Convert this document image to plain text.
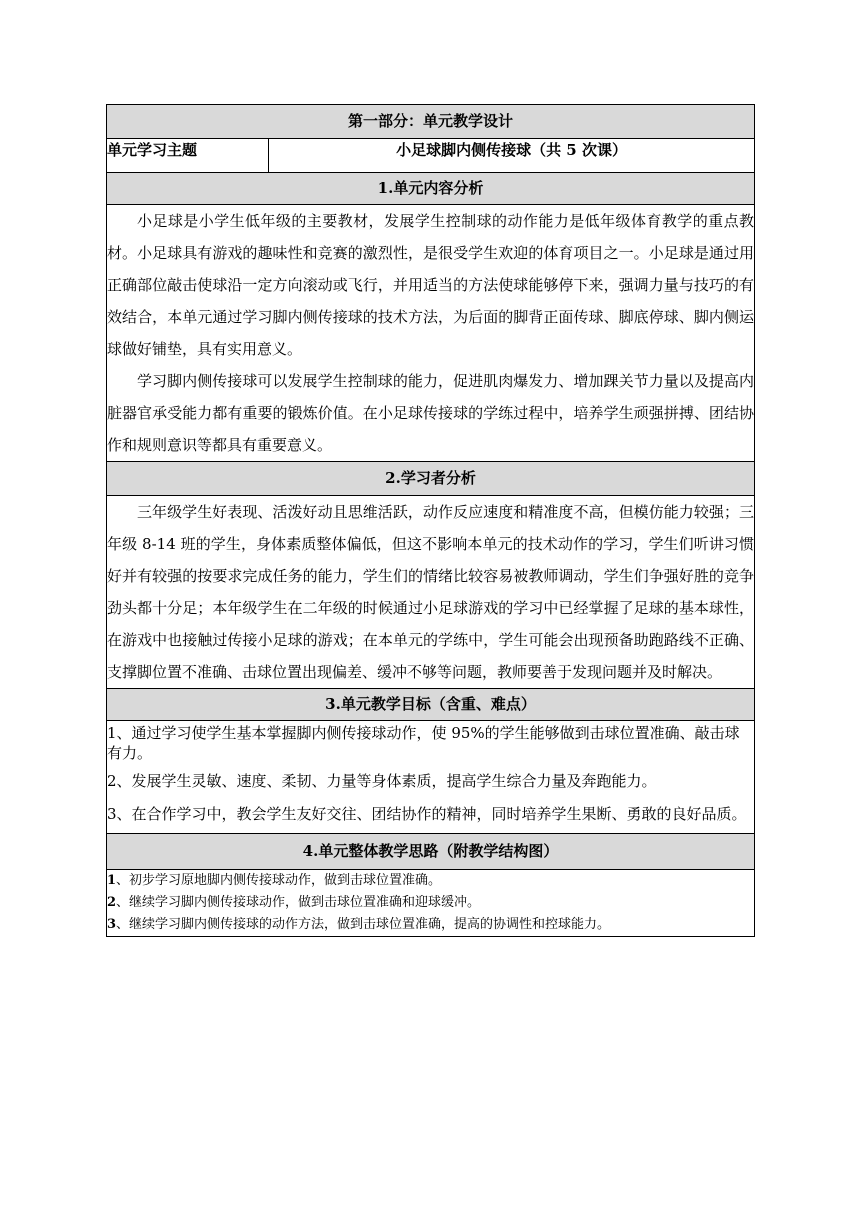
第一部分：单元教学设计
单元学习主题	小足球脚内侧传接球（共 5 次课）
1.单元内容分析

小足球是小学生低年级的主要教材，发展学生控制球的动作能力是低年级体育教学的重点教材。小足球具有游戏的趣味性和竞赛的激烈性，是很受学生欢迎的体育项目之一。小足球是通过用正确部位敲击使球沿一定方向滚动或飞行，并用适当的方法使球能够停下来，强调力量与技巧的有效结合，本单元通过学习脚内侧传接球的技术方法，为后面的脚背正面传球、脚底停球、脚内侧运球做好铺垫，具有实用意义。

学习脚内侧传接球可以发展学生控制球的能力，促进肌肉爆发力、增加踝关节力量以及提高内脏器官承受能力都有重要的锻炼价值。在小足球传接球的学练过程中，培养学生顽强拼搏、团结协作和规则意识等都具有重要意义。

2.学习者分析

三年级学生好表现、活泼好动且思维活跃，动作反应速度和精准度不高，但模仿能力较强；三年级 8-14 班的学生，身体素质整体偏低，但这不影响本单元的技术动作的学习，学生们听讲习惯好并有较强的按要求完成任务的能力，学生们的情绪比较容易被教师调动，学生们争强好胜的竞争劲头都十分足；本年级学生在二年级的时候通过小足球游戏的学习中已经掌握了足球的基本球性，在游戏中也接触过传接小足球的游戏；在本单元的学练中，学生可能会出现预备助跑路线不正确、支撑脚位置不准确、击球位置出现偏差、缓冲不够等问题，教师要善于发现问题并及时解决。

3.单元教学目标（含重、难点）

1、通过学习使学生基本掌握脚内侧传接球动作，使 95%的学生能够做到击球位置准确、敲击球有力。

2、发展学生灵敏、速度、柔韧、力量等身体素质，提高学生综合力量及奔跑能力。

3、在合作学习中，教会学生友好交往、团结协作的精神，同时培养学生果断、勇敢的良好品质。

4.单元整体教学思路（附教学结构图）

1、初步学习原地脚内侧传接球动作，做到击球位置准确。

2、继续学习脚内侧传接球动作，做到击球位置准确和迎球缓冲。

3、继续学习脚内侧传接球的动作方法，做到击球位置准确，提高的协调性和控球能力。
